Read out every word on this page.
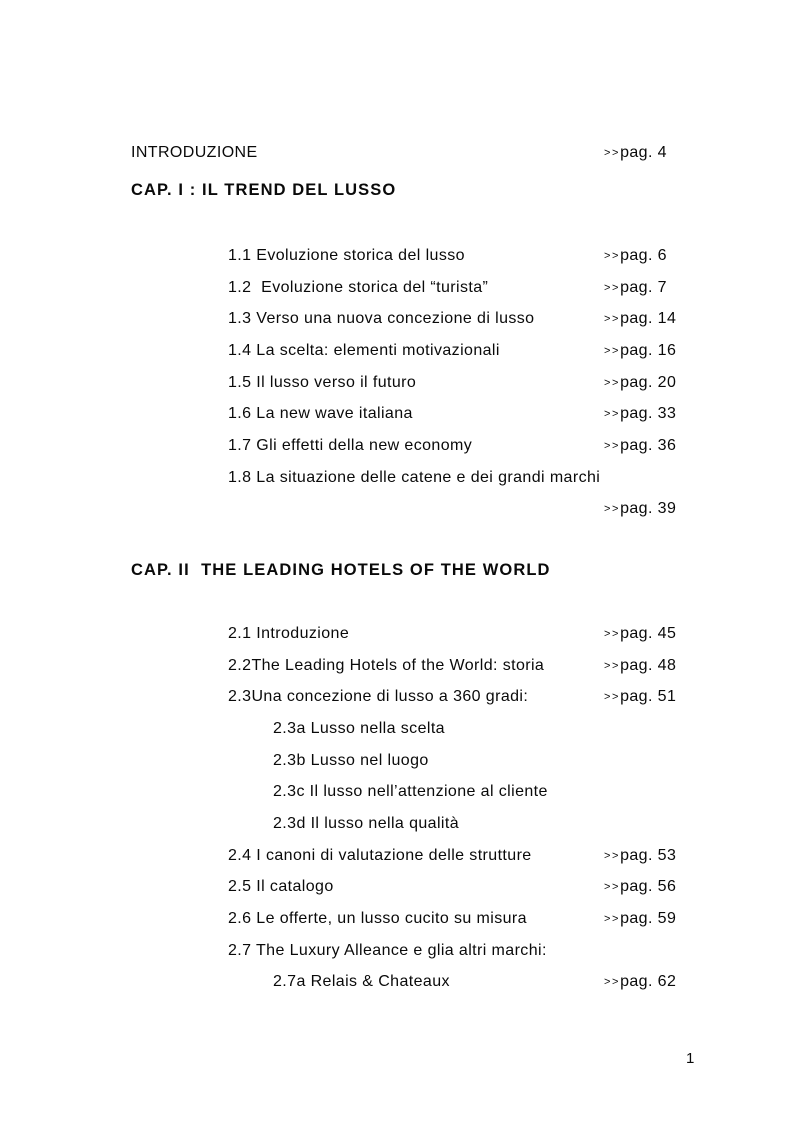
INTRODUZIONE	>>pag. 4
CAP. I : IL TREND DEL LUSSO
1.1 Evoluzione storica del lusso	>>pag. 6
1.2  Evoluzione storica del “turista”	>>pag. 7
1.3 Verso una nuova concezione di lusso	>>pag. 14
1.4 La scelta: elementi motivazionali	>>pag. 16
1.5 Il lusso verso il futuro	>>pag. 20
1.6 La new wave italiana	>>pag. 33
1.7 Gli effetti della new economy	>>pag. 36
1.8 La situazione delle catene e dei grandi marchi
>>pag. 39
CAP. II  THE LEADING HOTELS OF THE WORLD
2.1 Introduzione	>>pag. 45
2.2The Leading Hotels of the World: storia	>>pag. 48
2.3Una concezione di lusso a 360 gradi:	>>pag. 51
2.3a Lusso nella scelta
2.3b Lusso nel luogo
2.3c Il lusso nell’attenzione al cliente
2.3d Il lusso nella qualità
2.4 I canoni di valutazione delle strutture	>>pag. 53
2.5 Il catalogo	>>pag. 56
2.6 Le offerte, un lusso cucito su misura	>>pag. 59
2.7 The Luxury Alleance e glia altri marchi:
2.7a Relais & Chateaux	>>pag. 62
1
